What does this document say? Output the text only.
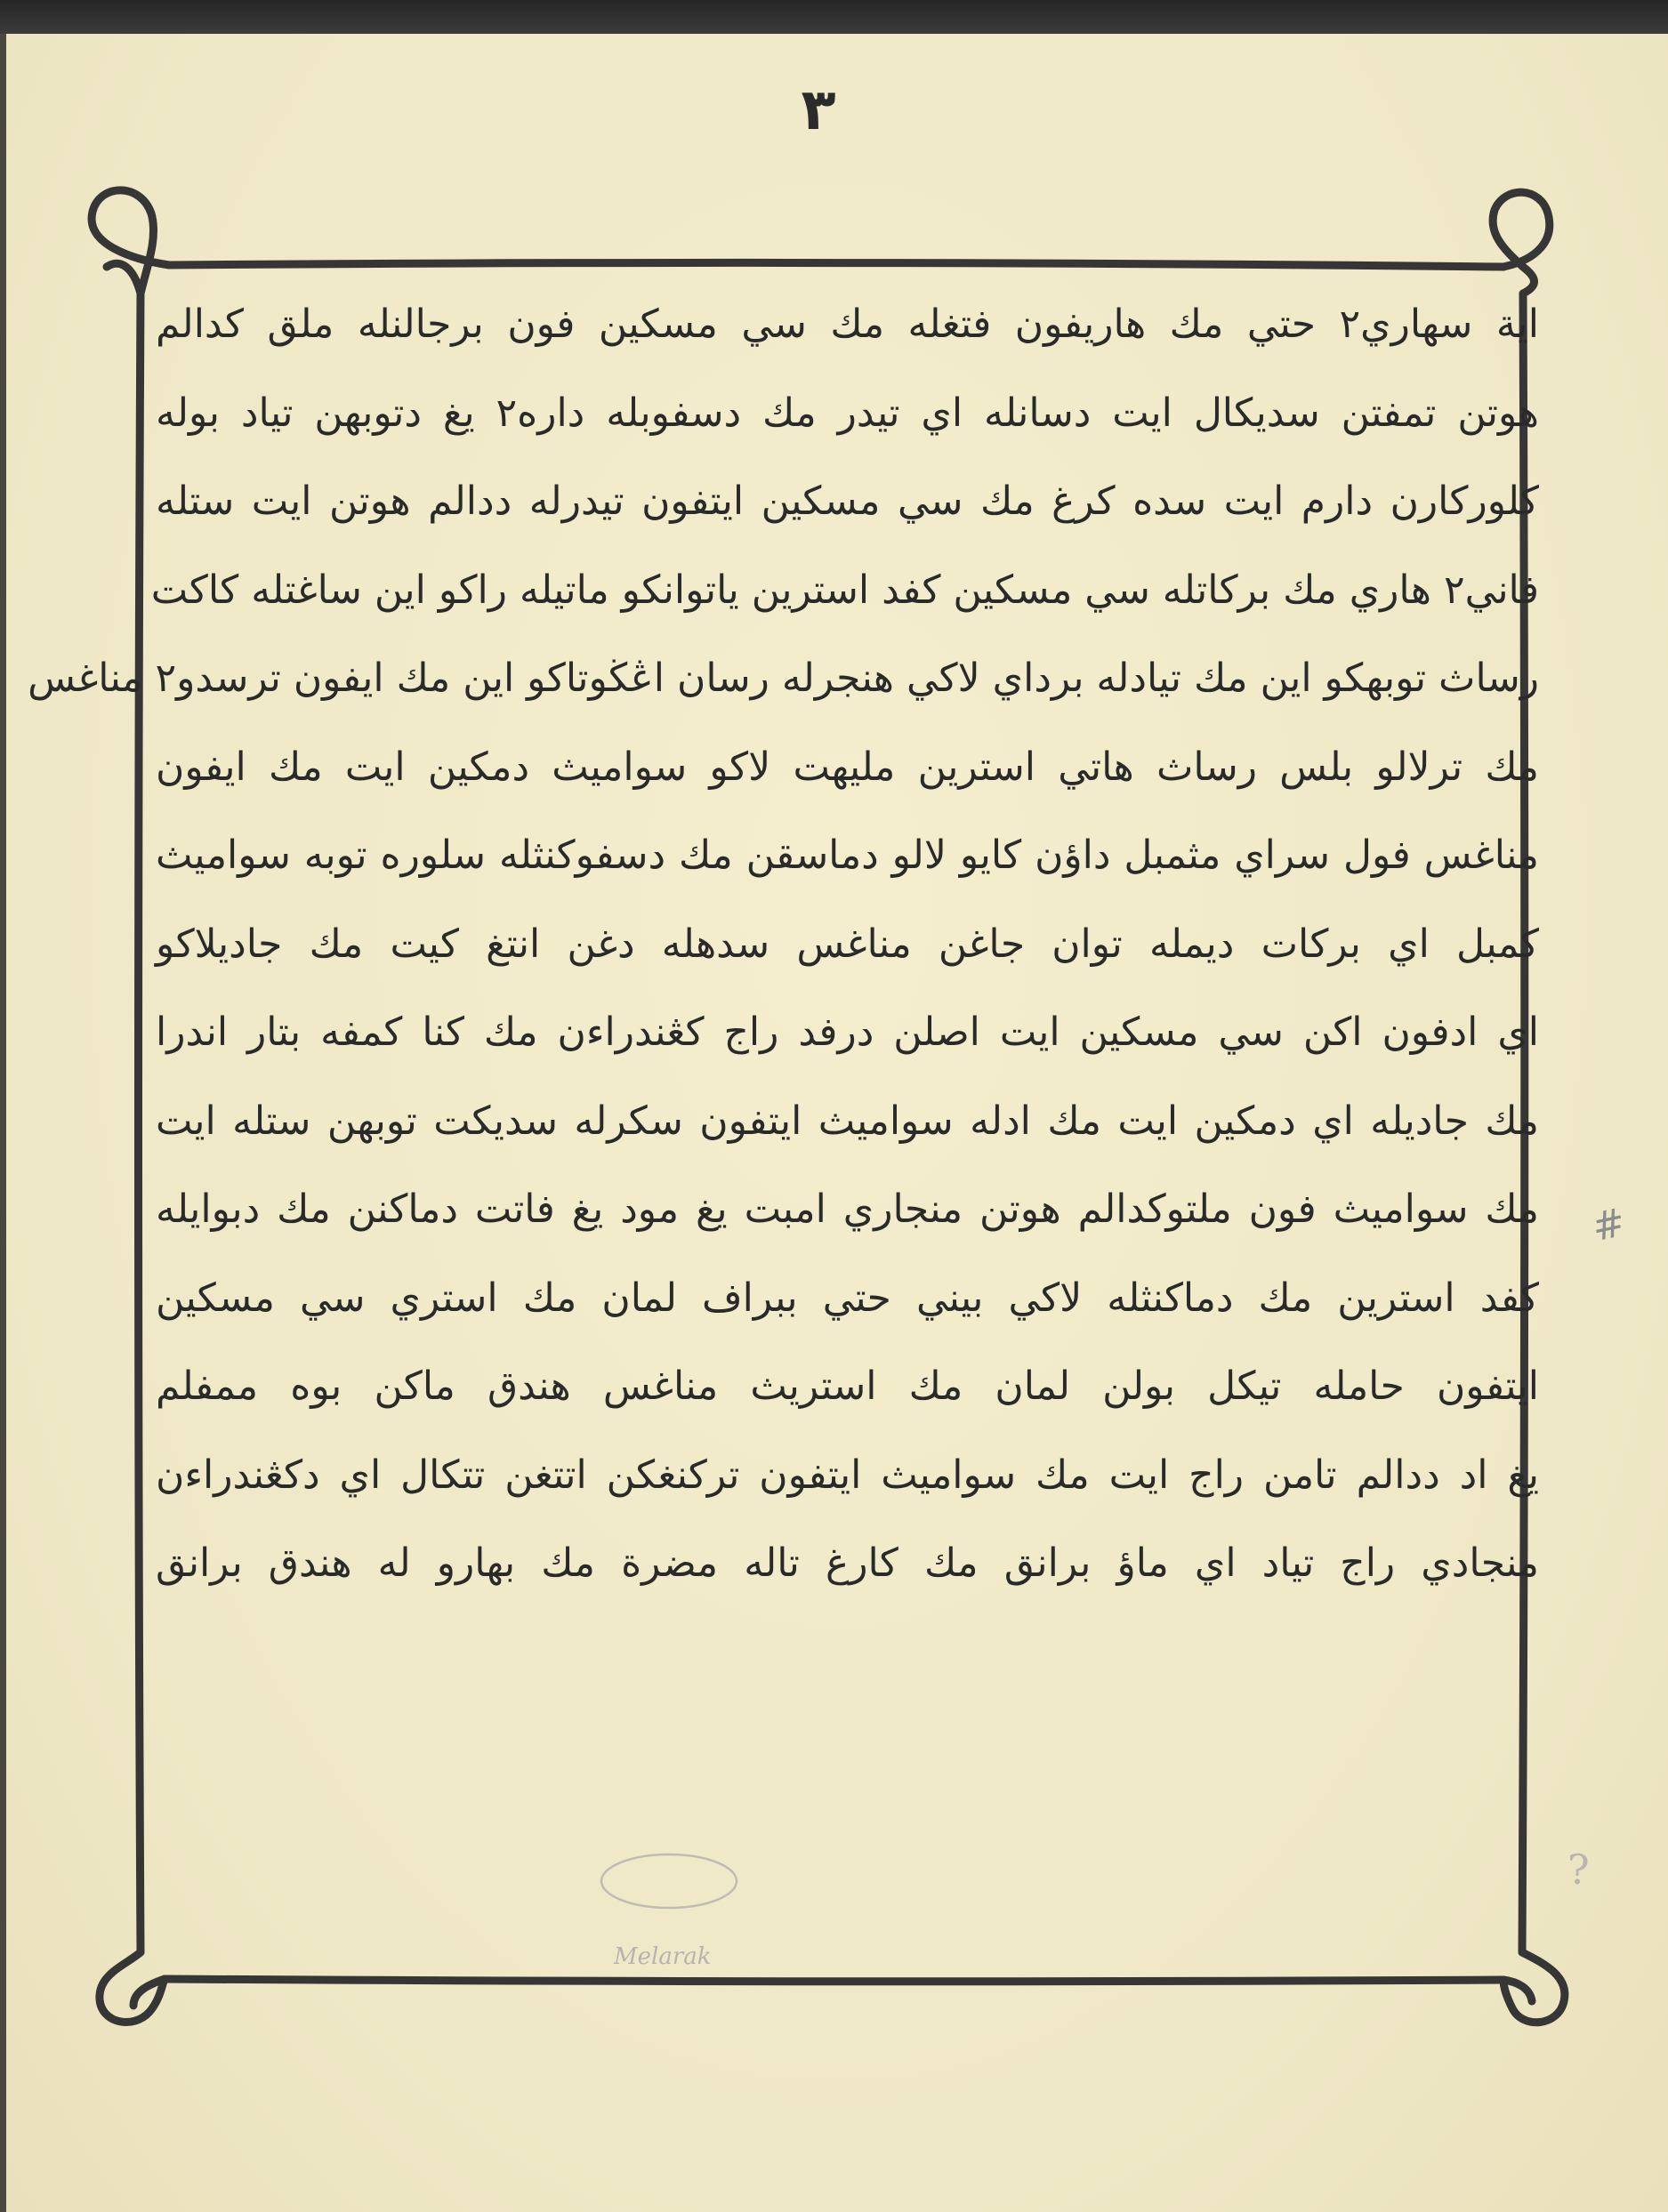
٣
اية سهاري٢ حتي مك هاريفون فتغله مك سي مسكين فون برجالنله ملق كدالم
هوتن تمفتن سديكال ايت دسانله اي تيدر مك دسفوبله داره٢ يغ دتوبهن تياد بوله
كلوركارن دارم ايت سده كرغ مك سي مسكين ايتفون تيدرله ددالم هوتن ايت ستله
فاني٢ هاري مك بركاتله سي مسكين كفد استرين ياتوانكو ماتيله راكو اين ساغتله كاكت
رساث توبهكو اين مك تيادله برداي لاكي هنجرله رسان اڠڬوتاكو اين مك ايفون ترسدو٢ مناغس
مك ترلالو بلس رساث هاتي استرين مليهت لاكو سواميث دمكين ايت مك ايفون
مناغس فول سراي مثمبل داؤن كايو لالو دماسقن مك دسفوكنثله سلوره توبه سواميث
كمبل اي بركات ديمله توان جاغن مناغس سدهله دغن انتغ كيت مك جاديلاكو
اي ادفون اكن سي مسكين ايت اصلن درفد راج كڠندراءن مك كنا كمفه بتار اندرا
مك جاديله اي دمكين ايت مك ادله سواميث ايتفون سكرله سديكت توبهن ستله ايت
مك سواميث فون ملتوكدالم هوتن منجاري امبت يغ مود يغ فاتت دماكنن مك دبوايله
كفد استرين مك دماكنثله لاكي بيني حتي ببراف لمان مك استري سي مسكين
ايتفون حامله تيكل بولن لمان مك استريث مناغس هندق ماكن بوه ممفلم
يغ اد ددالم تامن راج ايت مك سواميث ايتفون تركنغكن اتتغن تتكال اي دكڠندراءن
منجادي راج تياد اي ماؤ برانق مك كارغ تاله مضرة مك بهارو له هندق برانق
#
?
Melarak
